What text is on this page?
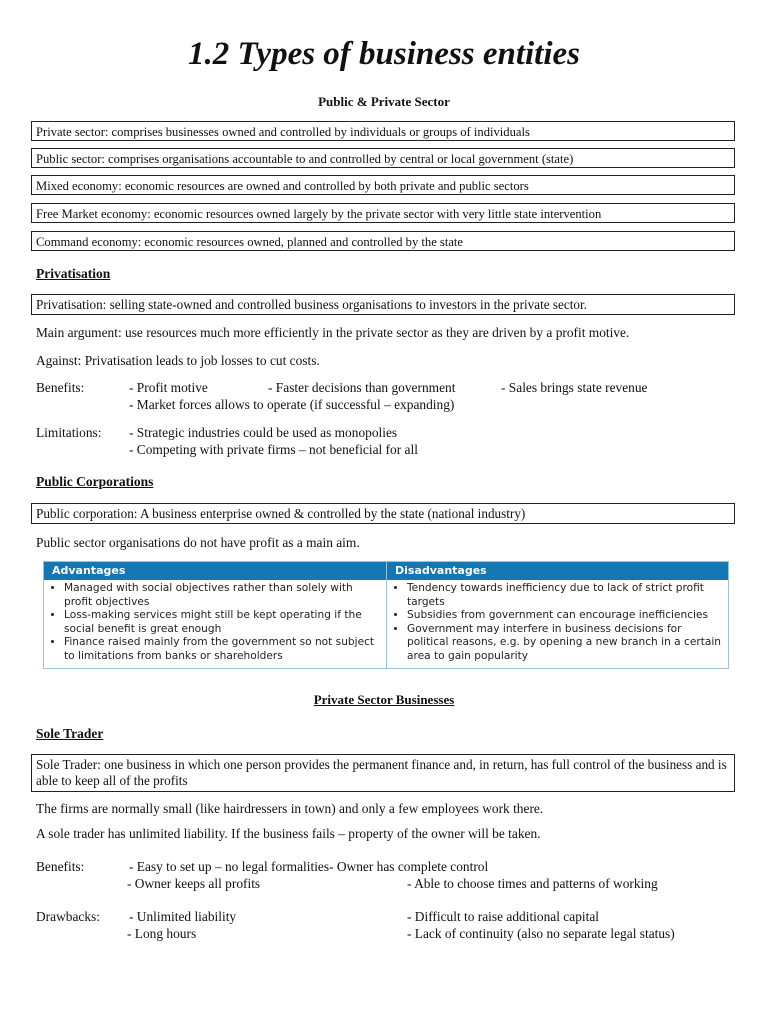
1.2 Types of business entities
Public & Private Sector
Private sector: comprises businesses owned and controlled by individuals or groups of individuals
Public sector: comprises organisations accountable to and controlled by central or local government (state)
Mixed economy: economic resources are owned and controlled by both private and public sectors
Free Market economy: economic resources owned largely by the private sector with very little state intervention
Command economy: economic resources owned, planned and controlled by the state
Privatisation
Privatisation: selling state-owned and controlled business organisations to investors in the private sector.
Main argument: use resources much more efficiently in the private sector as they are driven by a profit motive.
Against: Privatisation leads to job losses to cut costs.
Benefits:	- Profit motive	- Faster decisions than government	- Sales brings state revenue
- Market forces allows to operate (if successful – expanding)
Limitations: - Strategic industries could be used as monopolies
- Competing with private firms – not beneficial for all
Public Corporations
Public corporation: A business enterprise owned & controlled by the state (national industry)
Public sector organisations do not have profit as a main aim.
Advantages	Disadvantages
• Managed with social objectives rather than solely with profit objectives
• Loss-making services might still be kept operating if the social benefit is great enough
• Finance raised mainly from the government so not subject to limitations from banks or shareholders
• Tendency towards inefficiency due to lack of strict profit targets
• Subsidies from government can encourage inefficiencies
• Government may interfere in business decisions for political reasons, e.g. by opening a new branch in a certain area to gain popularity
Private Sector Businesses
Sole Trader
Sole Trader: one business in which one person provides the permanent finance and, in return, has full control of the business and is able to keep all of the profits
The firms are normally small (like hairdressers in town) and only a few employees work there.
A sole trader has unlimited liability. If the business fails – property of the owner will be taken.
Benefits:	- Easy to set up – no legal formalities- Owner has complete control
- Owner keeps all profits	- Able to choose times and patterns of working
Drawbacks: - Unlimited liability	- Difficult to raise additional capital
- Long hours	- Lack of continuity (also no separate legal status)
